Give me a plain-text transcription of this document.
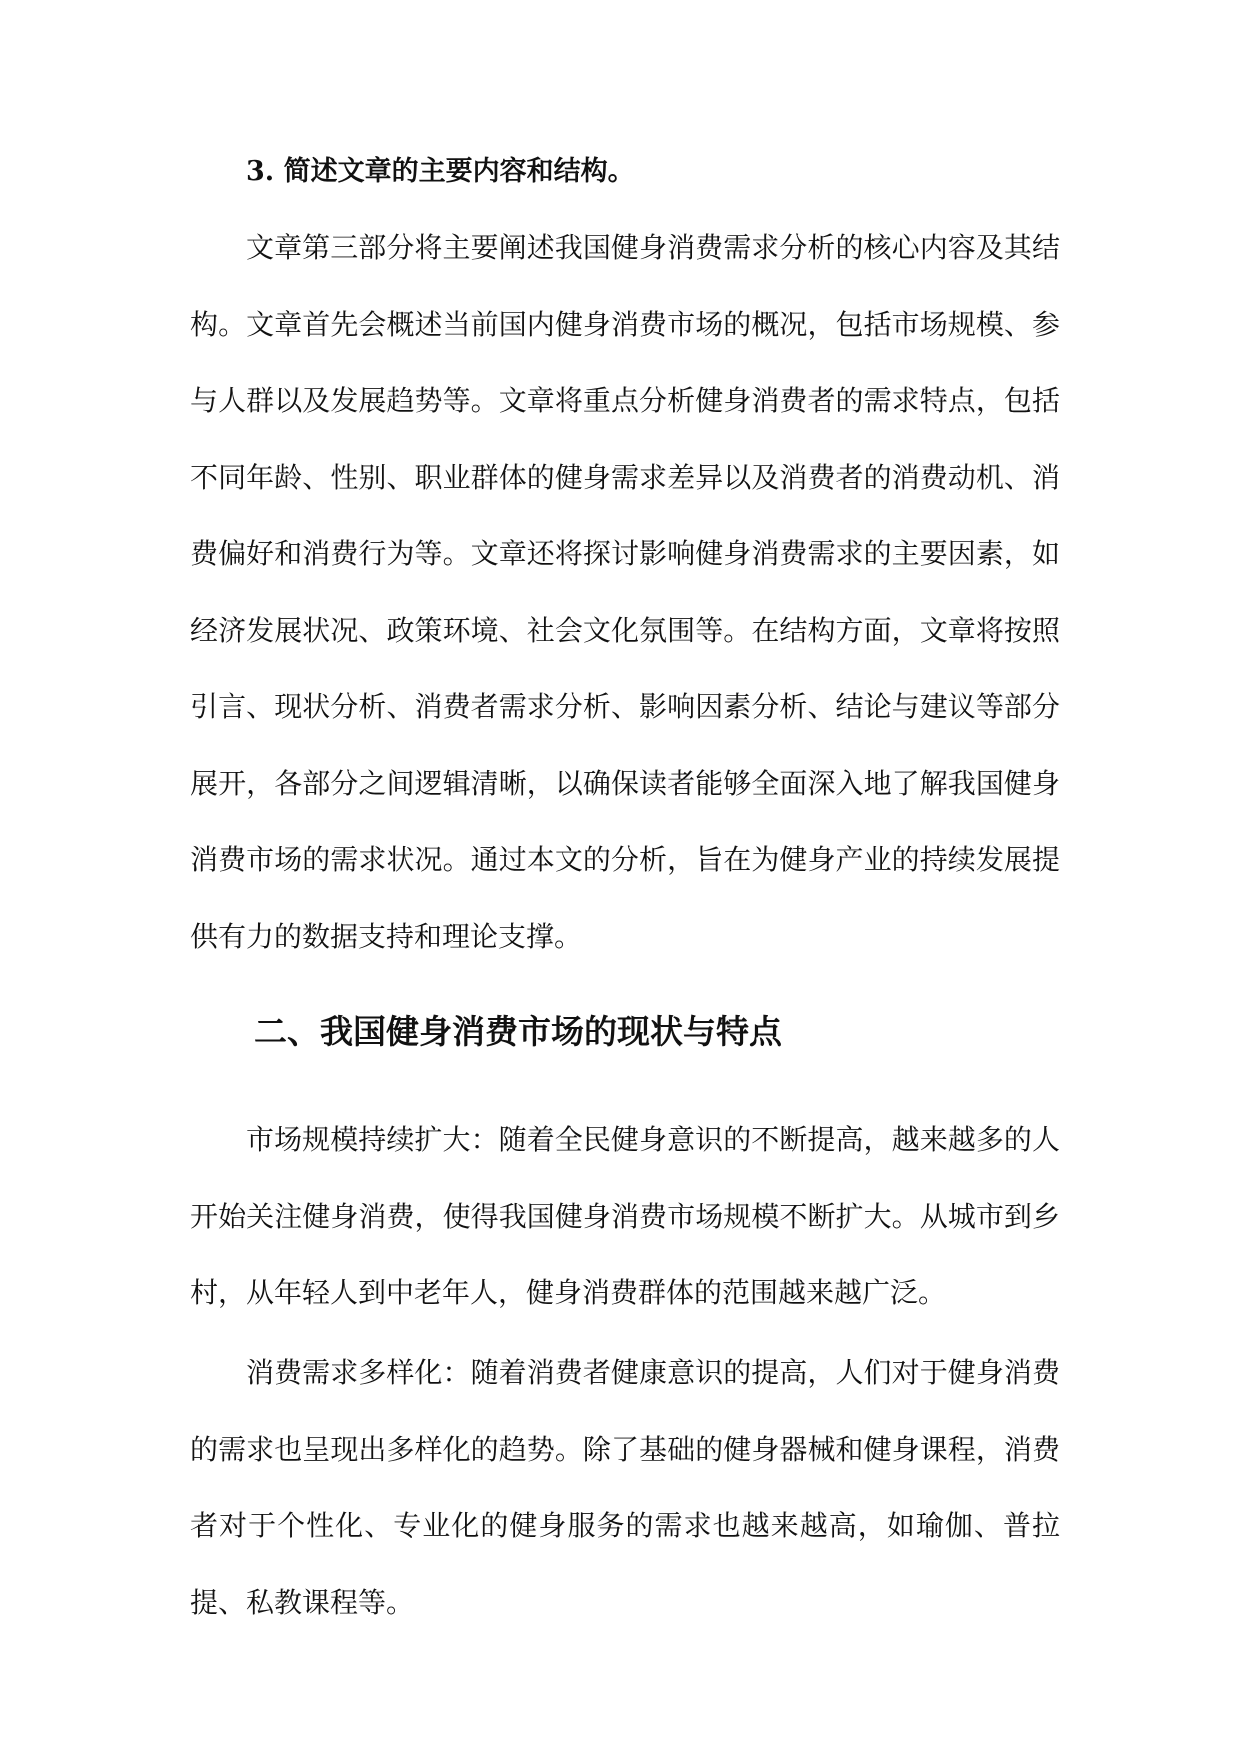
3. 简述文章的主要内容和结构。

文章第三部分将主要阐述我国健身消费需求分析的核心内容及其结构。文章首先会概述当前国内健身消费市场的概况，包括市场规模、参与人群以及发展趋势等。文章将重点分析健身消费者的需求特点，包括不同年龄、性别、职业群体的健身需求差异以及消费者的消费动机、消费偏好和消费行为等。文章还将探讨影响健身消费需求的主要因素，如经济发展状况、政策环境、社会文化氛围等。在结构方面，文章将按照引言、现状分析、消费者需求分析、影响因素分析、结论与建议等部分展开，各部分之间逻辑清晰，以确保读者能够全面深入地了解我国健身消费市场的需求状况。通过本文的分析，旨在为健身产业的持续发展提供有力的数据支持和理论支撑。

二、我国健身消费市场的现状与特点

市场规模持续扩大：随着全民健身意识的不断提高，越来越多的人开始关注健身消费，使得我国健身消费市场规模不断扩大。从城市到乡村，从年轻人到中老年人，健身消费群体的范围越来越广泛。

消费需求多样化：随着消费者健康意识的提高，人们对于健身消费的需求也呈现出多样化的趋势。除了基础的健身器械和健身课程，消费者对于个性化、专业化的健身服务的需求也越来越高，如瑜伽、普拉提、私教课程等。
